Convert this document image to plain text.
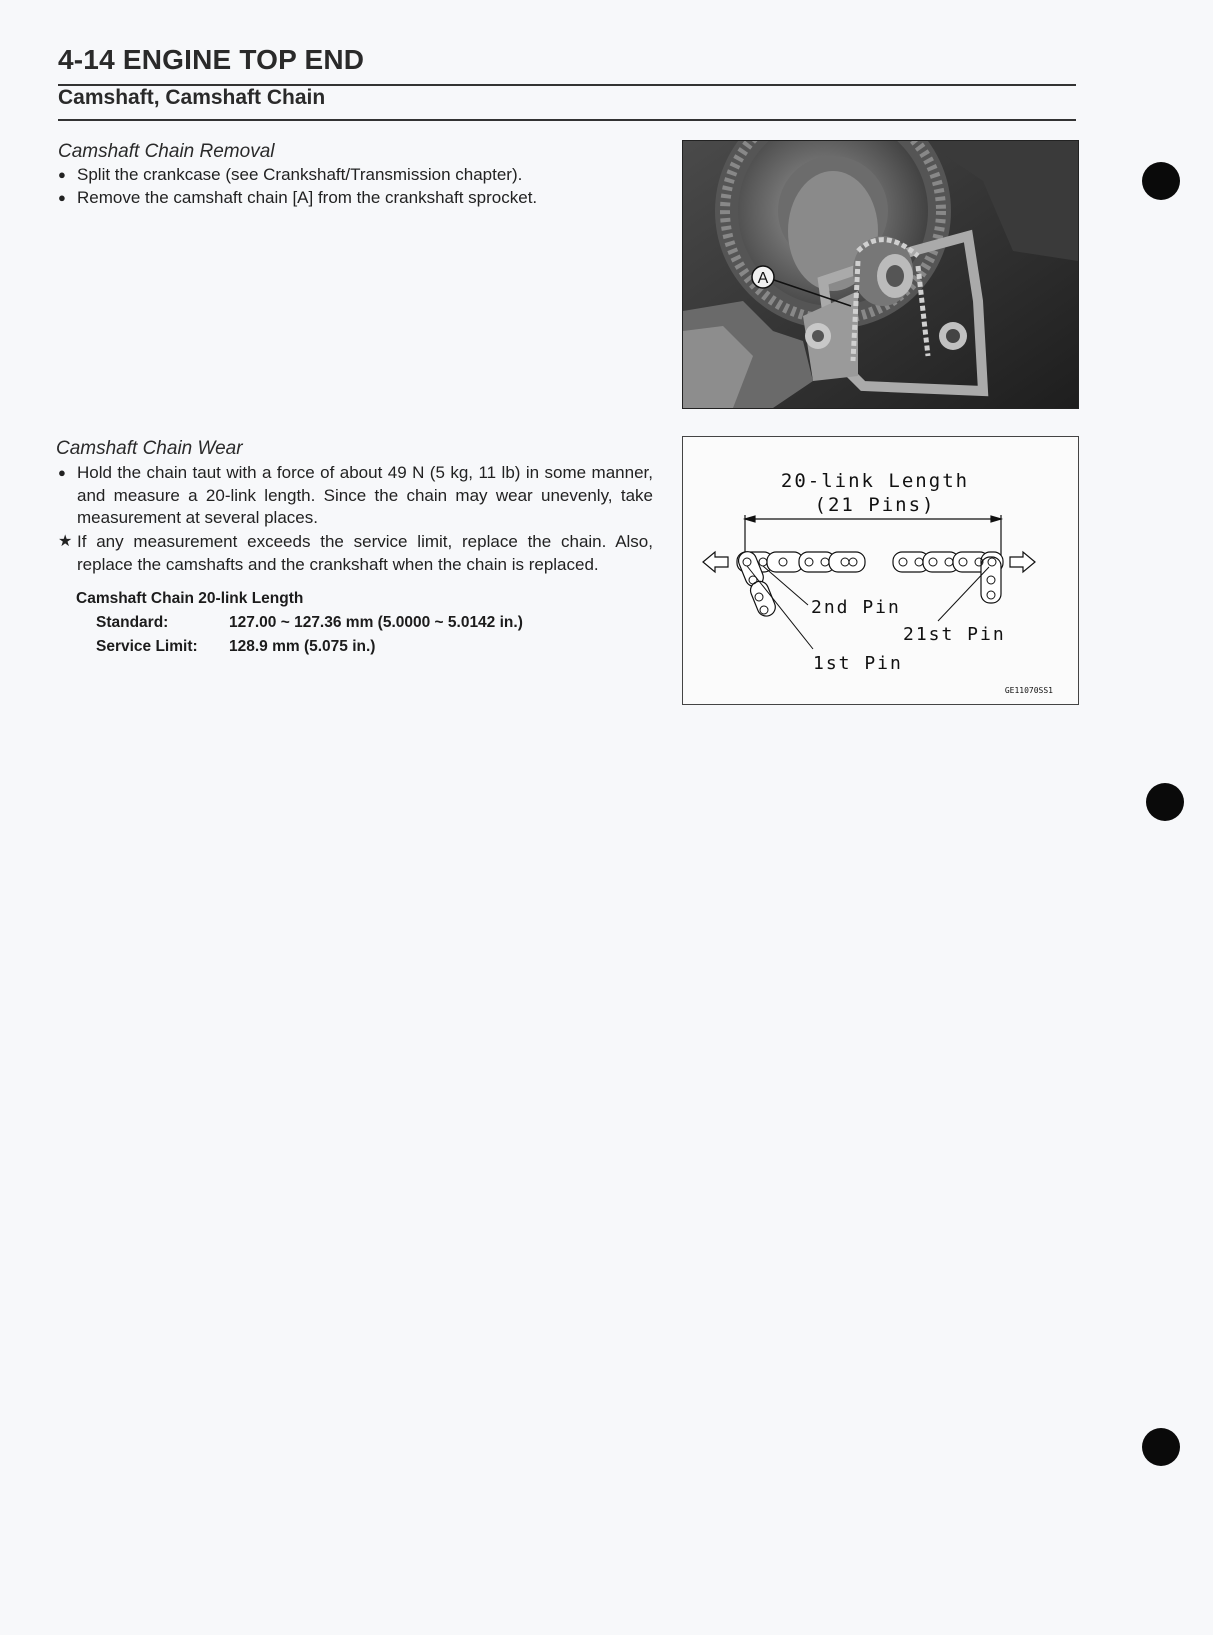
4-14 ENGINE TOP END
Camshaft, Camshaft Chain
Camshaft Chain Removal
● Split the crankcase (see Crankshaft/Transmission chapter).
● Remove the camshaft chain [A] from the crankshaft sprocket.
Camshaft Chain Wear
● Hold the chain taut with a force of about 49 N (5 kg, 11 lb) in some manner, and measure a 20-link length. Since the chain may wear unevenly, take measurement at several places.
★ If any measurement exceeds the service limit, replace the chain. Also, replace the camshafts and the crankshaft when the chain is replaced.
Camshaft Chain 20-link Length
Standard:	127.00 ~ 127.36 mm (5.0000 ~ 5.0142 in.)
Service Limit: 128.9 mm (5.075 in.)
A
20-link Length
(21 Pins)
2nd Pin
21st Pin
1st Pin
GE11070SS1
